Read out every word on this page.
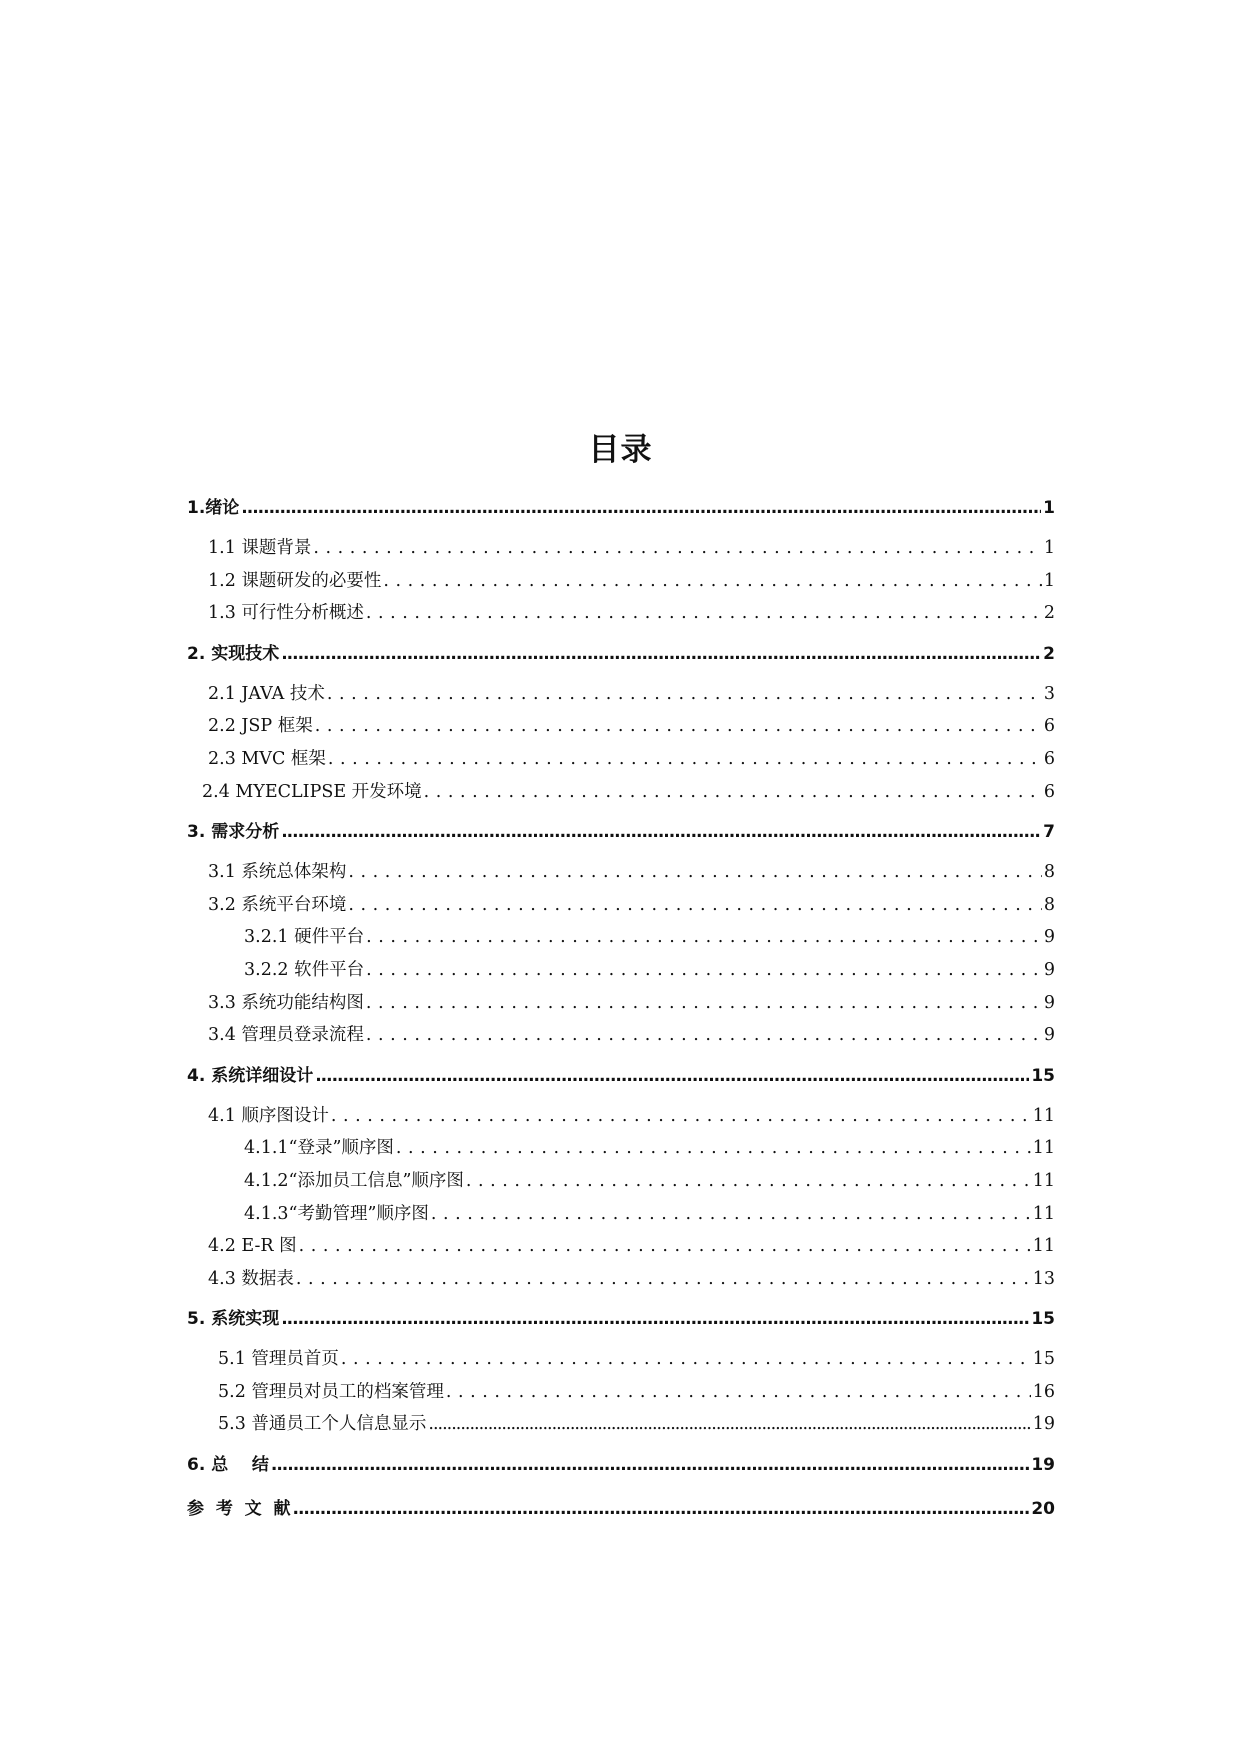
目录
1.绪论 .....	1
1.1 课题背景 . . .	1
1.2 课题研发的必要性 . . .	1
1.3 可行性分析概述 . . .	2
2. 实现技术 .....	2
2.1 JAVA 技术 . . .	3
2.2 JSP 框架 . . .	6
2.3 MVC 框架 . . .	6
2.4 MYECLIPSE 开发环境 . . .	6
3. 需求分析 .....	7
3.1 系统总体架构 . . .	8
3.2 系统平台环境 . . .	8
3.2.1 硬件平台 . . .	9
3.2.2 软件平台 . . .	9
3.3 系统功能结构图 . . .	9
3.4 管理员登录流程 . . .	9
4. 系统详细设计 .....	15
4.1 顺序图设计 . . .	11
4.1.1“登录”顺序图 . . .	11
4.1.2“添加员工信息”顺序图 . . .	11
4.1.3“考勤管理”顺序图 . . .	11
4.2 E-R 图 . . .	11
4.3 数据表 . . .	13
5. 系统实现 .....	15
5.1 管理员首页 . . .	15
5.2 管理员对员工的档案管理 . . .	16
5.3 普通员工个人信息显示 .....	19
6. 总    结 .....	19
参  考  文  献 .....	20
